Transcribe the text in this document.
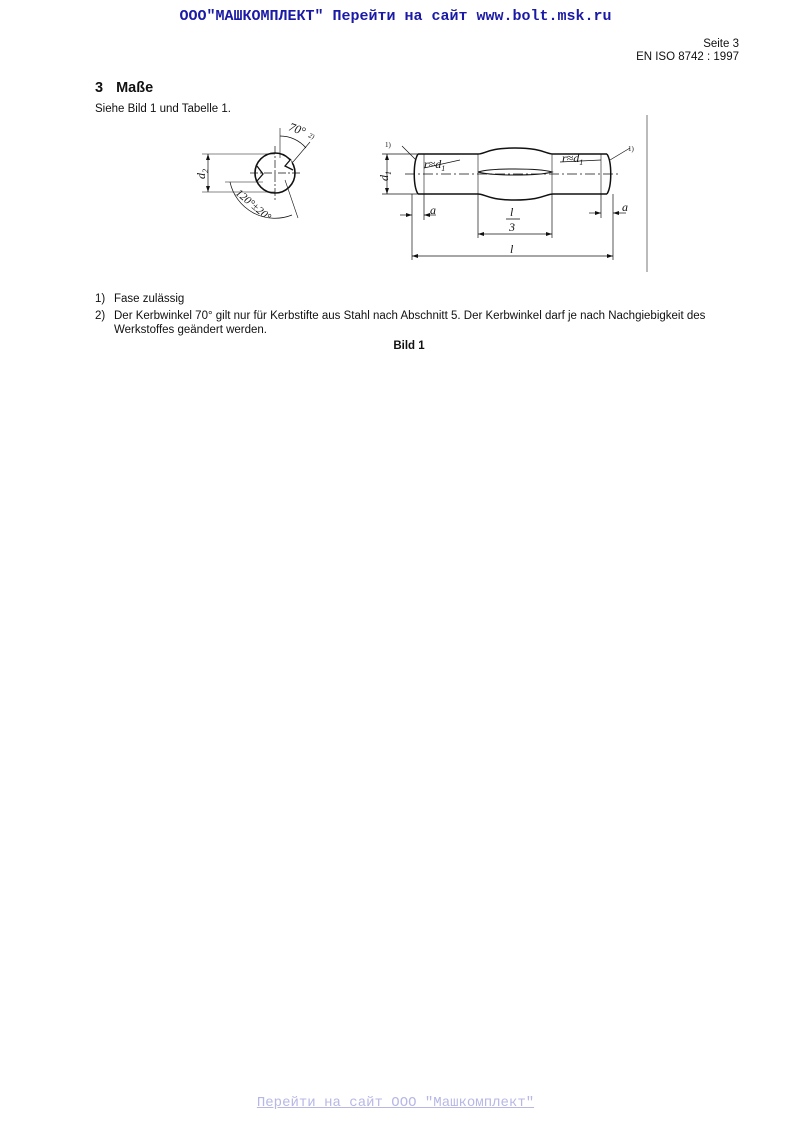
ООО"МАШКОМПЛЕКТ" Перейти на сайт www.bolt.msk.ru
Seite 3
EN ISO 8742 : 1997
3 Maße
Siehe Bild 1 und Tabelle 1.
70° 2)
120°±20°
$d_2$
1)	1)
$d_1$
$r\approx d_1$
$r\approx d_1$
a	a
l
3
l
1) Fase zulässig
2) Der Kerbwinkel 70° gilt nur für Kerbstifte aus Stahl nach Abschnitt 5. Der Kerbwinkel darf je nach Nachgiebigkeit des Werkstoffes geändert werden.
Bild 1
Перейти на сайт ООО "Машкомплект"
